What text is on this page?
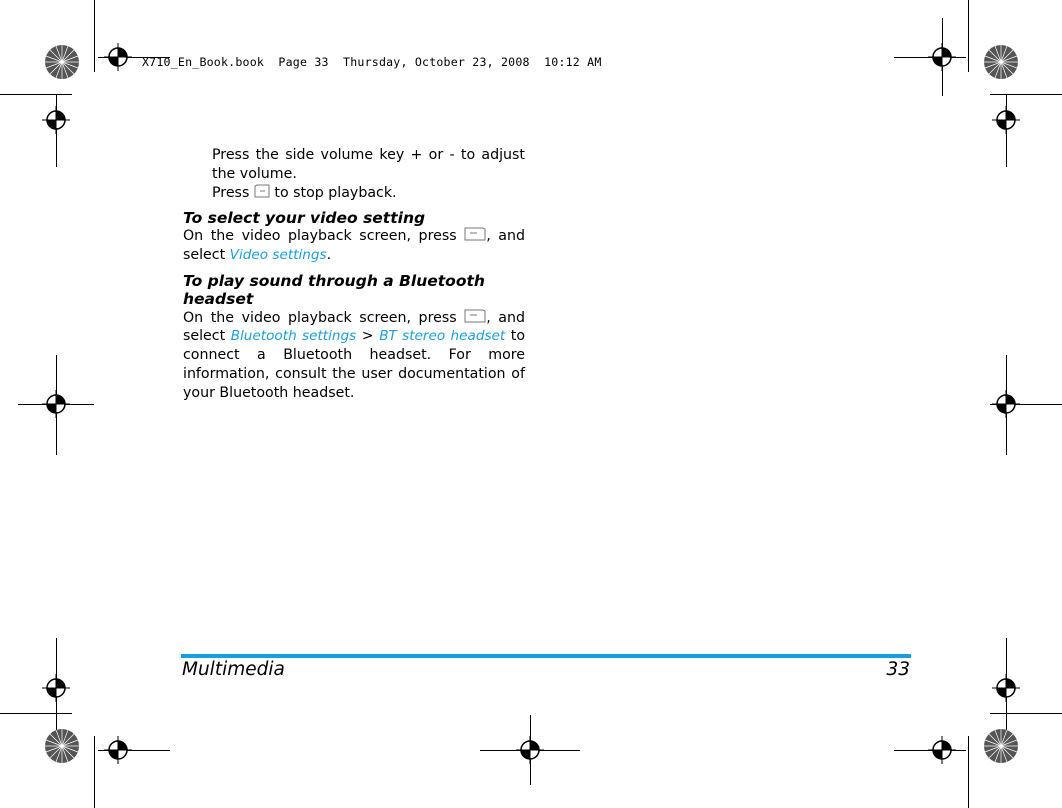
X710_En_Book.book  Page 33  Thursday, October 23, 2008  10:12 AM
Press the side volume key + or - to adjust the volume.
Press to stop playback.
To select your video setting
On the video playback screen, press , and
select Video settings.
To play sound through a Bluetooth
headset
On the video playback screen, press , and
select Bluetooth settings > BT stereo headset to
connect a Bluetooth headset. For more information, consult the user documentation of your Bluetooth headset.
Multimedia	33
